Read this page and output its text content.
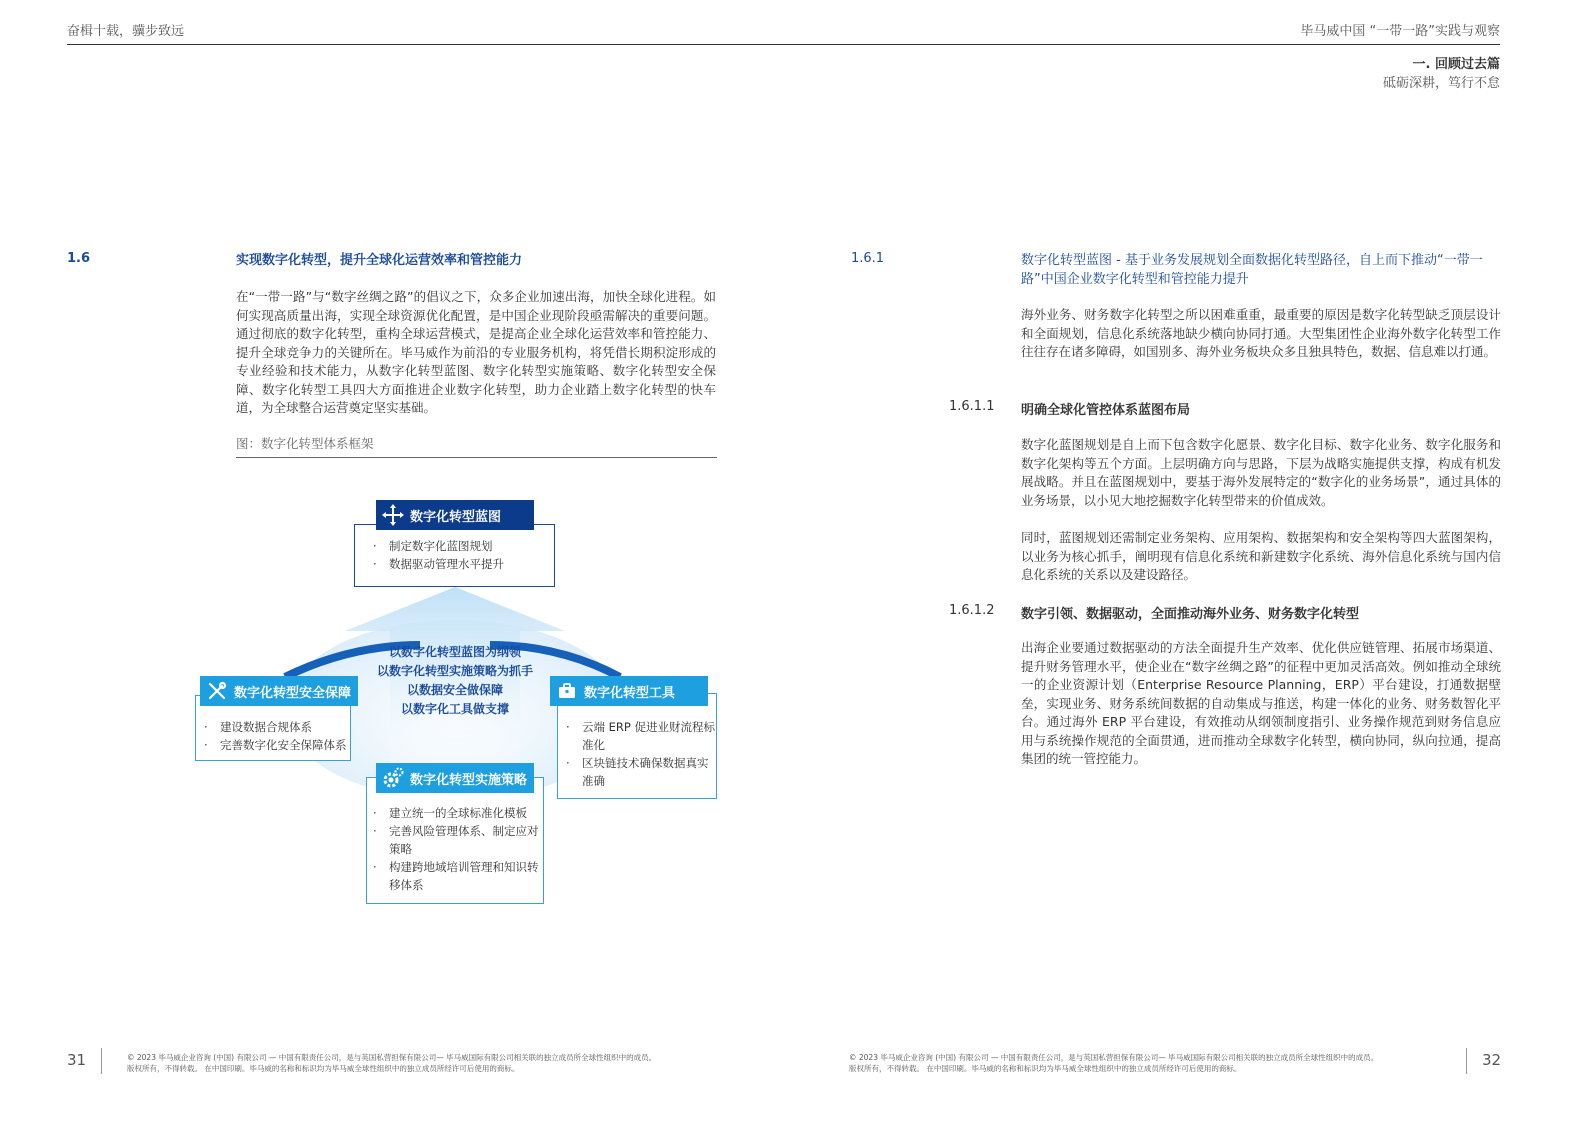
奋楫十载，骥步致远	毕马威中国 “一带一路”实践与观察
一. 回顾过去篇
砥砺深耕，笃行不怠
1.6	实现数字化转型，提升全球化运营效率和管控能力
在“一带一路”与“数字丝绸之路”的倡议之下，众多企业加速出海，加快全球化进程。如何实现高质量出海，实现全球资源优化配置，是中国企业现阶段亟需解决的重要问题。通过彻底的数字化转型，重构全球运营模式，是提高企业全球化运营效率和管控能力、提升全球竞争力的关键所在。毕马威作为前沿的专业服务机构，将凭借长期积淀形成的专业经验和技术能力，从数字化转型蓝图、数字化转型实施策略、数字化转型安全保障、数字化转型工具四大方面推进企业数字化转型，助力企业踏上数字化转型的快车道，为全球整合运营奠定坚实基础。
图：数字化转型体系框架
· 制定数字化蓝图规划
· 数据驱动管理水平提升
数字化转型蓝图
· 建设数据合规体系
· 完善数字化安全保障体系
数字化转型安全保障
· 云端 ERP 促进业财流程标准化
· 区块链技术确保数据真实准确
数字化转型工具
· 建立统一的全球标准化模板
· 完善风险管理体系、制定应对策略
· 构建跨地域培训管理和知识转移体系
数字化转型实施策略
以数字化转型蓝图为纲领
以数字化转型实施策略为抓手
以数据安全做保障
以数字化工具做支撑
31	© 2023 毕马威企业咨询 (中国) 有限公司 — 中国有限责任公司，是与英国私营担保有限公司— 毕马威国际有限公司相关联的独立成员所全球性组织中的成员。
版权所有，不得转载。 在中国印刷。毕马威的名称和标识均为毕马威全球性组织中的独立成员所经许可后使用的商标。
1.6.1	数字化转型蓝图 - 基于业务发展规划全面数据化转型路径，自上而下推动“一带一路”中国企业数字化转型和管控能力提升
海外业务、财务数字化转型之所以困难重重，最重要的原因是数字化转型缺乏顶层设计和全面规划，信息化系统落地缺少横向协同打通。大型集团性企业海外数字化转型工作往往存在诸多障碍，如国别多、海外业务板块众多且独具特色，数据、信息难以打通。
1.6.1.1 明确全球化管控体系蓝图布局
数字化蓝图规划是自上而下包含数字化愿景、数字化目标、数字化业务、数字化服务和数字化架构等五个方面。上层明确方向与思路，下层为战略实施提供支撑，构成有机发展战略。并且在蓝图规划中，要基于海外发展特定的“数字化的业务场景”，通过具体的业务场景，以小见大地挖掘数字化转型带来的价值成效。
同时，蓝图规划还需制定业务架构、应用架构、数据架构和安全架构等四大蓝图架构，以业务为核心抓手，阐明现有信息化系统和新建数字化系统、海外信息化系统与国内信息化系统的关系以及建设路径。
1.6.1.2 数字引领、数据驱动，全面推动海外业务、财务数字化转型
出海企业要通过数据驱动的方法全面提升生产效率、优化供应链管理、拓展市场渠道、提升财务管理水平，使企业在“数字丝绸之路”的征程中更加灵活高效。例如推动全球统一的企业资源计划（Enterprise Resource Planning，ERP）平台建设，打通数据壁垒，实现业务、财务系统间数据的自动集成与推送，构建一体化的业务、财务数智化平台。通过海外 ERP 平台建设，有效推动从纲领制度指引、业务操作规范到财务信息应用与系统操作规范的全面贯通，进而推动全球数字化转型，横向协同，纵向拉通，提高集团的统一管控能力。
© 2023 毕马威企业咨询 (中国) 有限公司 — 中国有限责任公司，是与英国私营担保有限公司— 毕马威国际有限公司相关联的独立成员所全球性组织中的成员。
版权所有，不得转载。 在中国印刷。毕马威的名称和标识均为毕马威全球性组织中的独立成员所经许可后使用的商标。	32
